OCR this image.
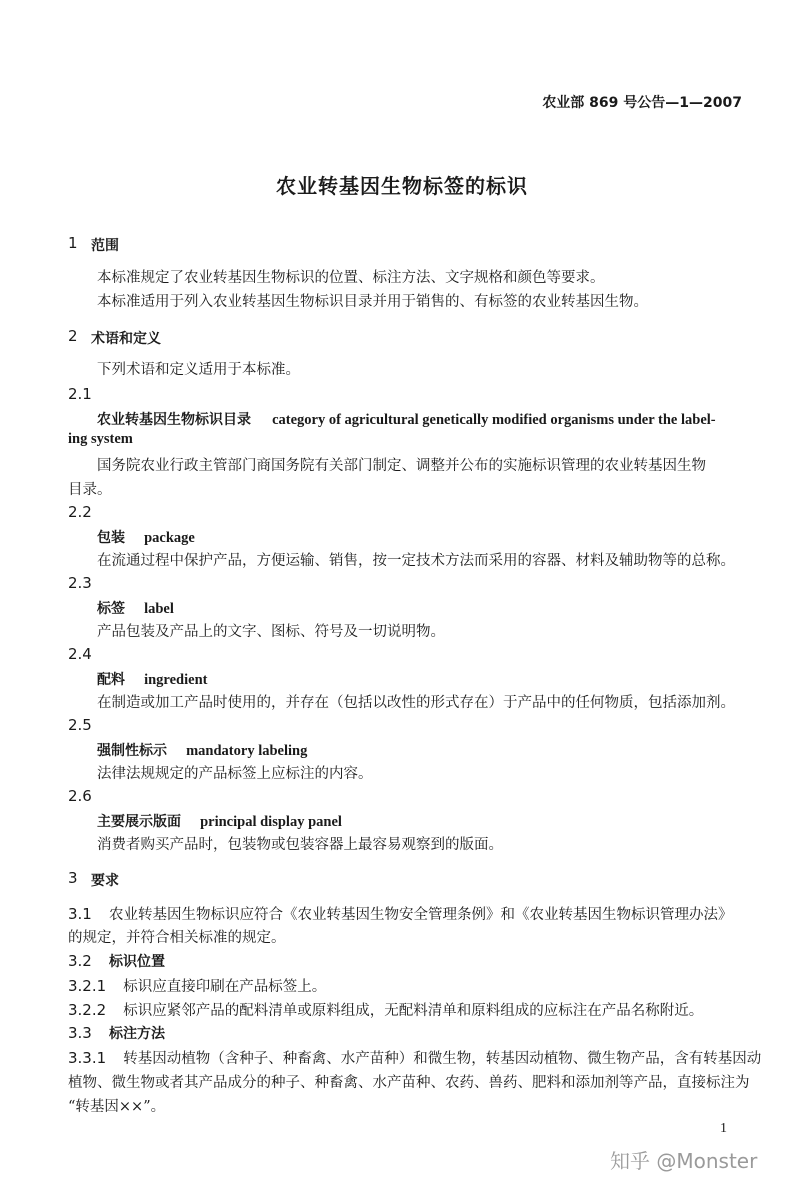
农业部 869 号公告—1—2007
农业转基因生物标签的标识
1 范围
本标准规定了农业转基因生物标识的位置、标注方法、文字规格和颜色等要求。
本标准适用于列入农业转基因生物标识目录并用于销售的、有标签的农业转基因生物。
2 术语和定义
下列术语和定义适用于本标准。
2.1
农业转基因生物标识目录 category of agricultural genetically modified organisms under the label-
ing system
国务院农业行政主管部门商国务院有关部门制定、调整并公布的实施标识管理的农业转基因生物
目录。
2.2
包装 package
在流通过程中保护产品，方便运输、销售，按一定技术方法而采用的容器、材料及辅助物等的总称。
2.3
标签 label
产品包装及产品上的文字、图标、符号及一切说明物。
2.4
配料 ingredient
在制造或加工产品时使用的，并存在（包括以改性的形式存在）于产品中的任何物质，包括添加剂。
2.5
强制性标示 mandatory labeling
法律法规规定的产品标签上应标注的内容。
2.6
主要展示版面 principal display panel
消费者购买产品时，包装物或包装容器上最容易观察到的版面。
3 要求
3.1 农业转基因生物标识应符合《农业转基因生物安全管理条例》和《农业转基因生物标识管理办法》
的规定，并符合相关标准的规定。
3.2 标识位置
3.2.1 标识应直接印刷在产品标签上。
3.2.2 标识应紧邻产品的配料清单或原料组成，无配料清单和原料组成的应标注在产品名称附近。
3.3 标注方法
3.3.1 转基因动植物（含种子、种畜禽、水产苗种）和微生物，转基因动植物、微生物产品，含有转基因动
植物、微生物或者其产品成分的种子、种畜禽、水产苗种、农药、兽药、肥料和添加剂等产品，直接标注为
“转基因××”。
1
知乎 @Monster
